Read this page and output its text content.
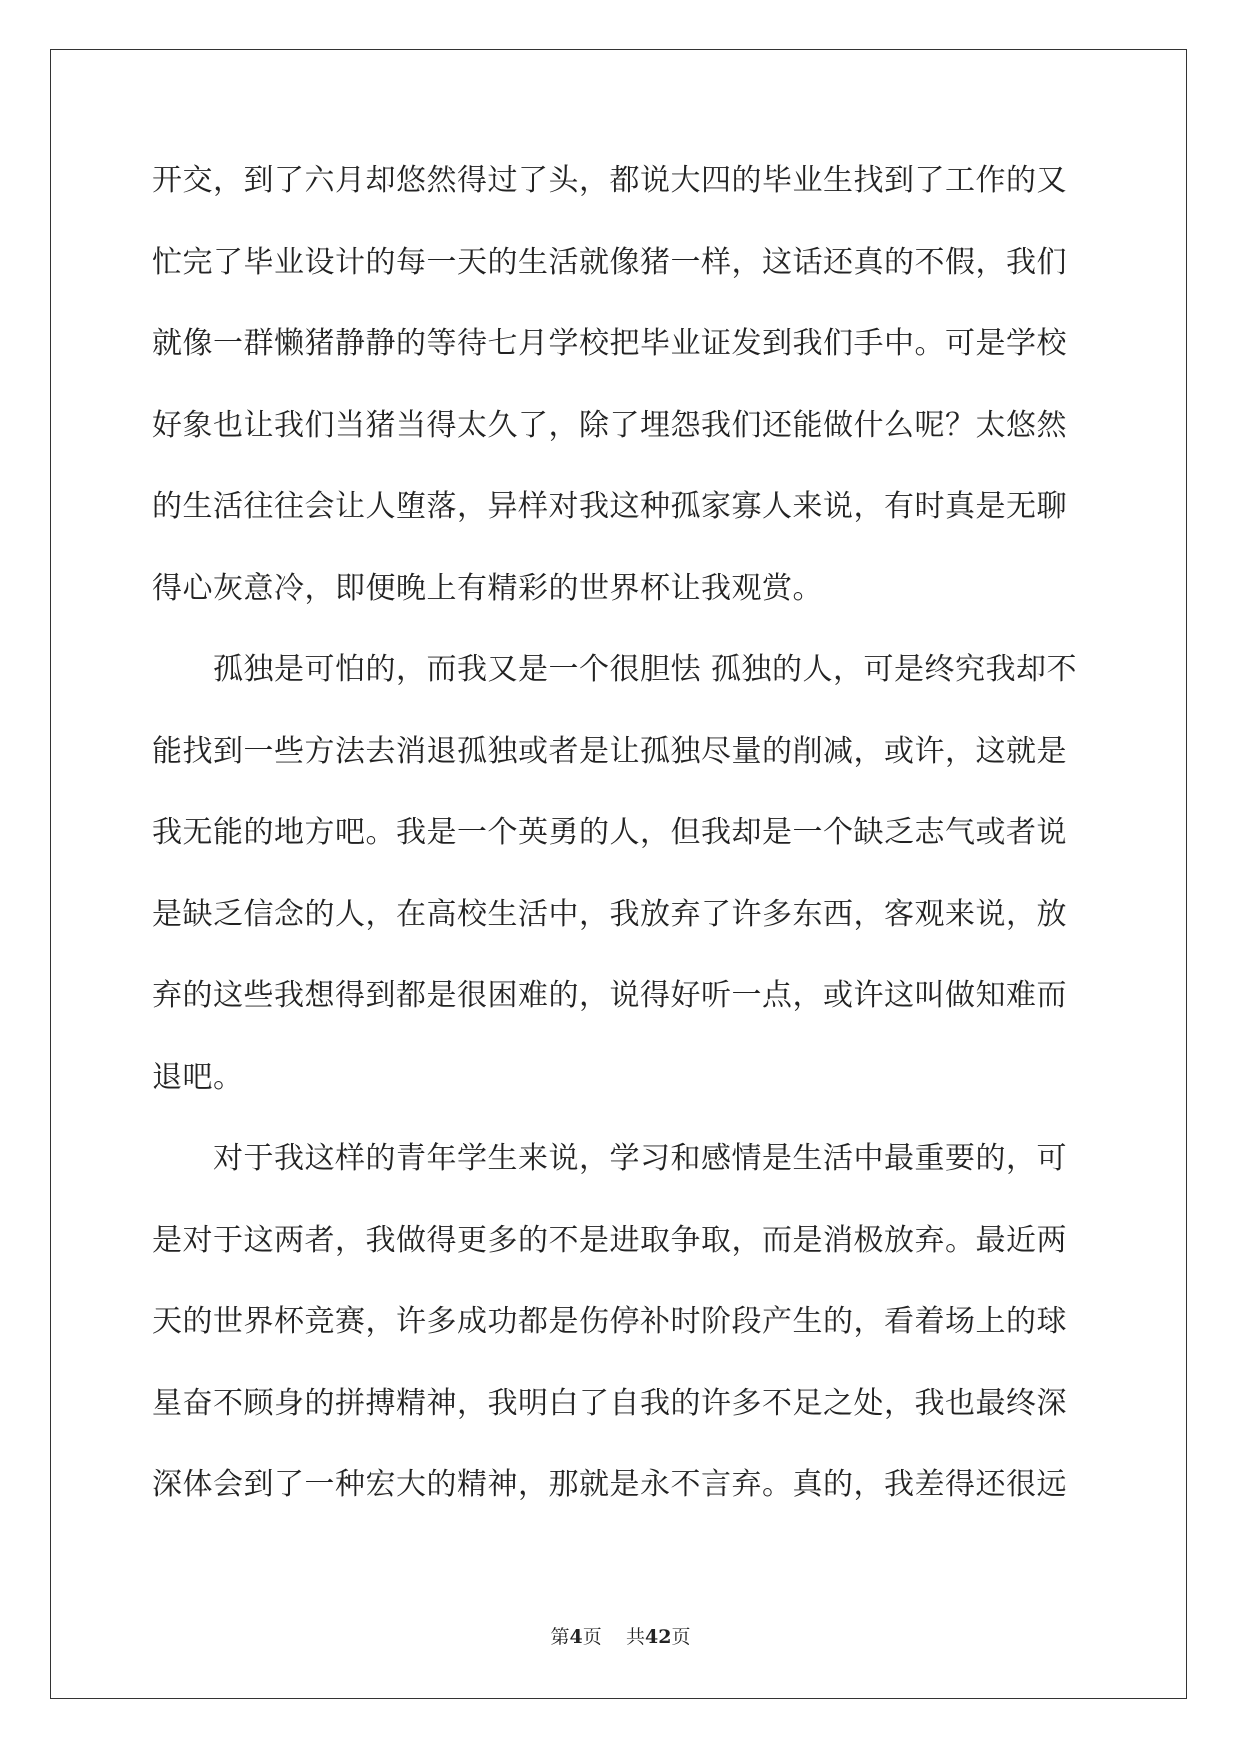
开交，到了六月却悠然得过了头，都说大四的毕业生找到了工作的又
忙完了毕业设计的每一天的生活就像猪一样，这话还真的不假，我们
就像一群懒猪静静的等待七月学校把毕业证发到我们手中。可是学校
好象也让我们当猪当得太久了，除了埋怨我们还能做什么呢？太悠然
的生活往往会让人堕落，异样对我这种孤家寡人来说，有时真是无聊
得心灰意冷，即便晚上有精彩的世界杯让我观赏。
　　孤独是可怕的，而我又是一个很胆怯 孤独的人，可是终究我却不
能找到一些方法去消退孤独或者是让孤独尽量的削减，或许，这就是
我无能的地方吧。我是一个英勇的人，但我却是一个缺乏志气或者说
是缺乏信念的人，在高校生活中，我放弃了许多东西，客观来说，放
弃的这些我想得到都是很困难的，说得好听一点，或许这叫做知难而
退吧。
　　对于我这样的青年学生来说，学习和感情是生活中最重要的，可
是对于这两者，我做得更多的不是进取争取，而是消极放弃。最近两
天的世界杯竞赛，许多成功都是伤停补时阶段产生的，看着场上的球
星奋不顾身的拼搏精神，我明白了自我的许多不足之处，我也最终深
深体会到了一种宏大的精神，那就是永不言弃。真的，我差得还很远
第4页 共42页
